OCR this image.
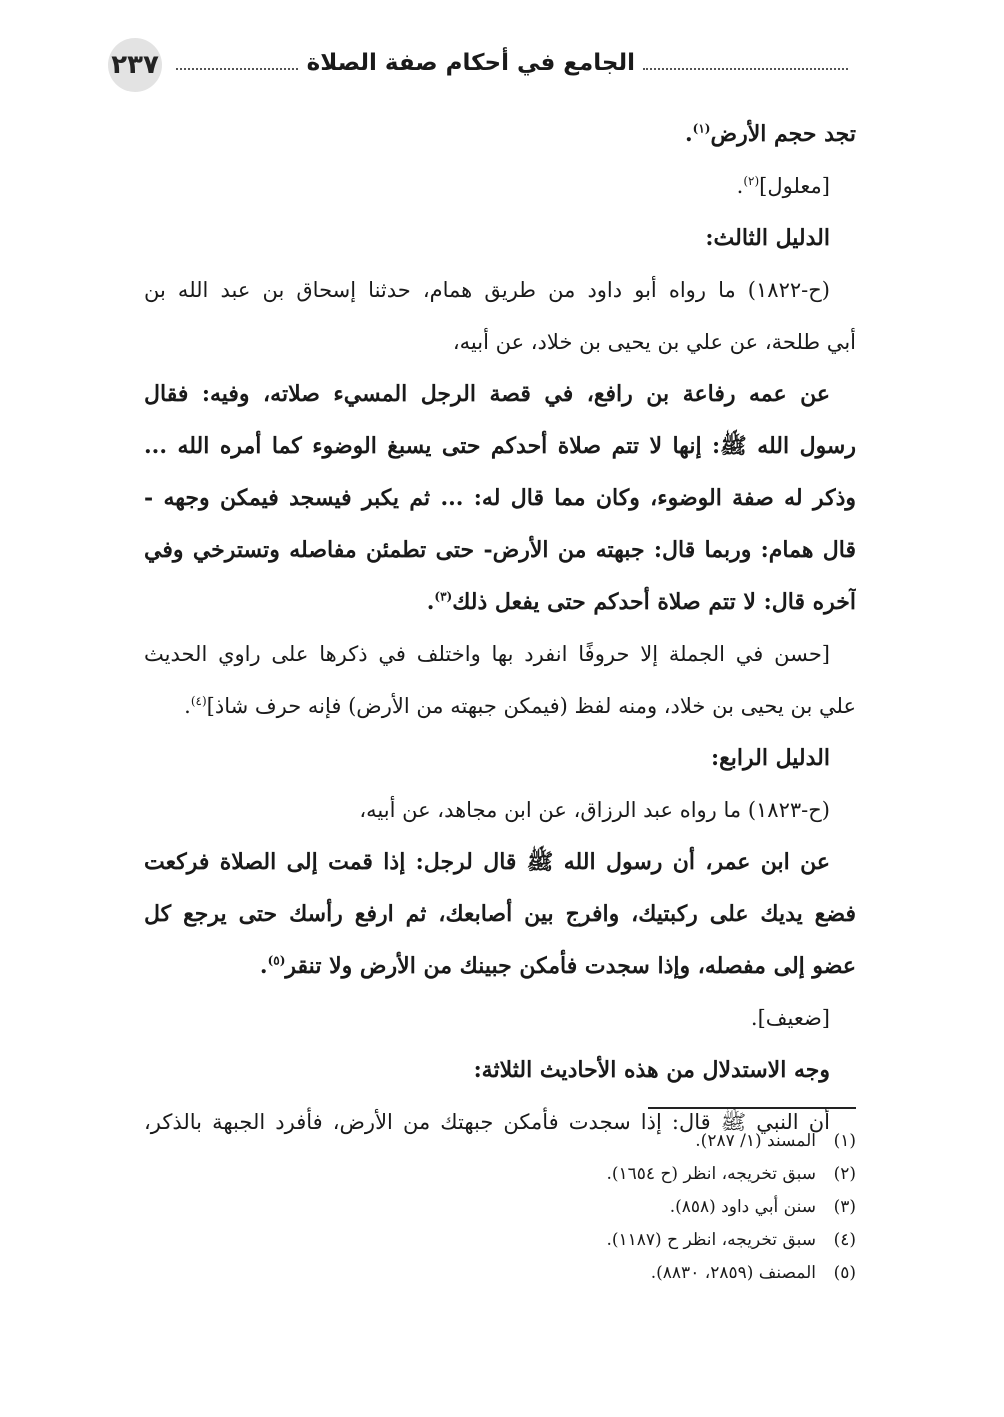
الجامع في أحكام صفة الصلاة
٢٣٧
تجد حجم الأرض$^{(١)}$.
[معلول]$^{(٢)}$.
الدليل الثالث:
(ح-١٨٢٢) ما رواه أبو داود من طريق همام، حدثنا إسحاق بن عبد الله بن
أبي طلحة، عن علي بن يحيى بن خلاد، عن أبيه،
عن عمه رفاعة بن رافع، في قصة الرجل المسيء صلاته، وفيه: فقال
رسول الله ﷺ: إنها لا تتم صلاة أحدكم حتى يسبغ الوضوء كما أمره الله ...
وذكر له صفة الوضوء، وكان مما قال له: ... ثم يكبر فيسجد فيمكن وجهه -
قال همام: وربما قال: جبهته من الأرض- حتى تطمئن مفاصله وتسترخي وفي
آخره قال: لا تتم صلاة أحدكم حتى يفعل ذلك$^{(٣)}$.
[حسن في الجملة إلا حروفًا انفرد بها واختلف في ذكرها على راوي الحديث
علي بن يحيى بن خلاد، ومنه لفظ (فيمكن جبهته من الأرض) فإنه حرف شاذ]$^{(٤)}$.
الدليل الرابع:
(ح-١٨٢٣) ما رواه عبد الرزاق، عن ابن مجاهد، عن أبيه،
عن ابن عمر، أن رسول الله ﷺ قال لرجل: إذا قمت إلى الصلاة فركعت
فضع يديك على ركبتيك، وافرج بين أصابعك، ثم ارفع رأسك حتى يرجع كل
عضو إلى مفصله، وإذا سجدت فأمكن جبينك من الأرض ولا تنقر$^{(٥)}$.
[ضعيف].
وجه الاستدلال من هذه الأحاديث الثلاثة:
أن النبي ﷺ قال: إذا سجدت فأمكن جبهتك من الأرض، فأفرد الجبهة بالذكر،
(١)المسند (١/ ٢٨٧).
(٢)سبق تخريجه، انظر (ح ١٦٥٤).
(٣)سنن أبي داود (٨٥٨).
(٤)سبق تخريجه، انظر ح (١١٨٧).
(٥)المصنف (٢٨٥٩، ٨٨٣٠).
